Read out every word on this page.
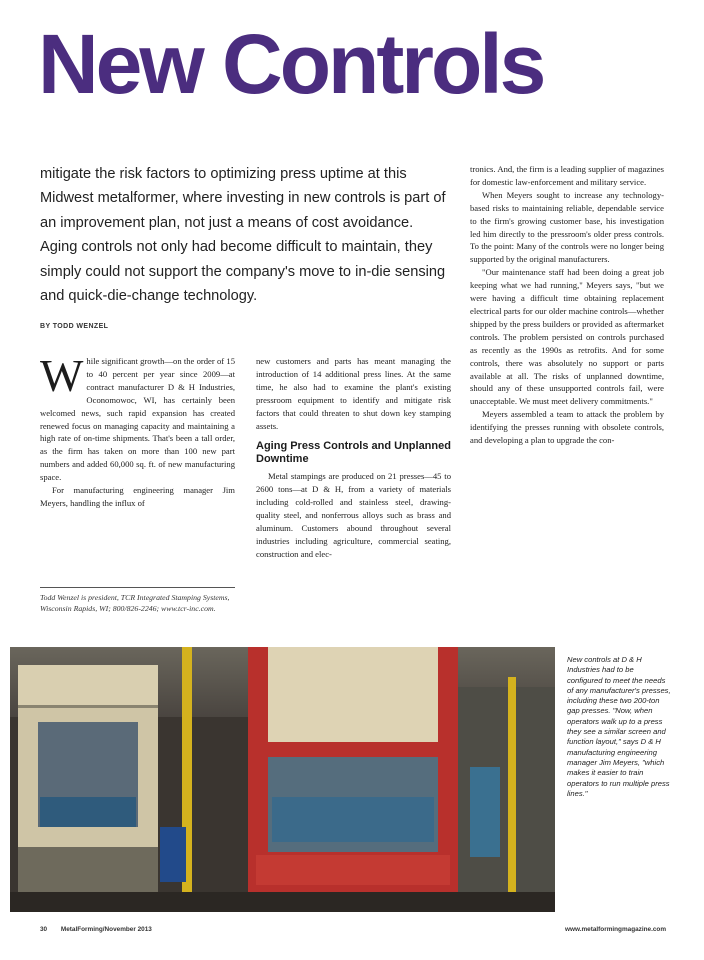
New Controls

mitigate the risk factors to optimizing press uptime at this Midwest metalformer, where investing in new controls is part of an improvement plan, not just a means of cost avoidance. Aging controls not only had become difficult to maintain, they simply could not support the company's move to in-die sensing and quick-die-change technology.

BY TODD WENZEL

While significant growth—on the order of 15 to 40 percent per year since 2009—at contract manufacturer D & H Industries, Oconomowoc, WI, has certainly been welcomed news, such rapid expansion has created renewed focus on managing capacity and maintaining a high rate of on-time shipments. That's been a tall order, as the firm has taken on more than 100 new part numbers and added 60,000 sq. ft. of new manufacturing space.

For manufacturing engineering manager Jim Meyers, handling the influx of

Todd Wenzel is president, TCR Integrated Stamping Systems, Wisconsin Rapids, WI; 800/826-2246; www.tcr-inc.com.

new customers and parts has meant managing the introduction of 14 additional press lines. At the same time, he also had to examine the plant's existing pressroom equipment to identify and mitigate risk factors that could threaten to shut down key stamping assets.

Aging Press Controls and Unplanned Downtime

Metal stampings are produced on 21 presses—45 to 2600 tons—at D & H, from a variety of materials including cold-rolled and stainless steel, drawing-quality steel, and nonferrous alloys such as brass and aluminum. Customers abound throughout several industries including agriculture, commercial seating, construction and elec-

tronics. And, the firm is a leading supplier of magazines for domestic law-enforcement and military service.

When Meyers sought to increase any technology-based risks to maintaining reliable, dependable service to the firm's growing customer base, his investigation led him directly to the pressroom's older press controls. To the point: Many of the controls were no longer being supported by the original manufacturers.

"Our maintenance staff had been doing a great job keeping what we had running," Meyers says, "but we were having a difficult time obtaining replacement electrical parts for our older machine controls—whether shipped by the press builders or provided as aftermarket controls. The problem persisted on controls purchased as recently as the 1990s as retrofits. And for some controls, there was absolutely no support or parts available at all. The risks of unplanned downtime, should any of these unsupported controls fail, were unacceptable. We must meet delivery commitments."

Meyers assembled a team to attack the problem by identifying the presses running with obsolete controls, and developing a plan to upgrade the con-

New controls at D & H Industries had to be configured to meet the needs of any manufacturer's presses, including these two 200-ton gap presses. "Now, when operators walk up to a press they see a similar screen and function layout," says D & H manufacturing engineering manager Jim Meyers, "which makes it easier to train operators to run multiple press lines."

30 MetalForming/November 2013	www.metalformingmagazine.com
